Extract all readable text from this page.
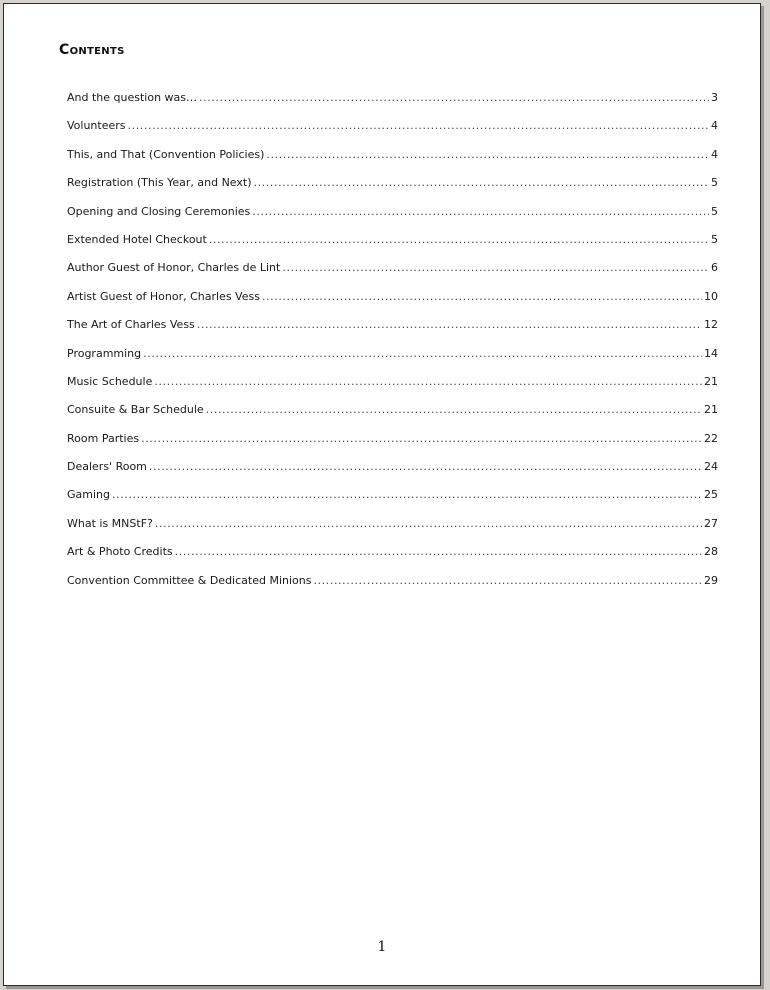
Contents
And the question was… .....	3
Volunteers .....	4
This, and That (Convention Policies) .....	4
Registration (This Year, and Next) .....	5
Opening and Closing Ceremonies .....	5
Extended Hotel Checkout .....	5
Author Guest of Honor, Charles de Lint .....	6
Artist Guest of Honor, Charles Vess .....	10
The Art of Charles Vess .....	12
Programming .....	14
Music Schedule .....	21
Consuite & Bar Schedule .....	21
Room Parties .....	22
Dealers' Room .....	24
Gaming .....	25
What is MNStF? .....	27
Art & Photo Credits .....	28
Convention Committee & Dedicated Minions .....	29
1
